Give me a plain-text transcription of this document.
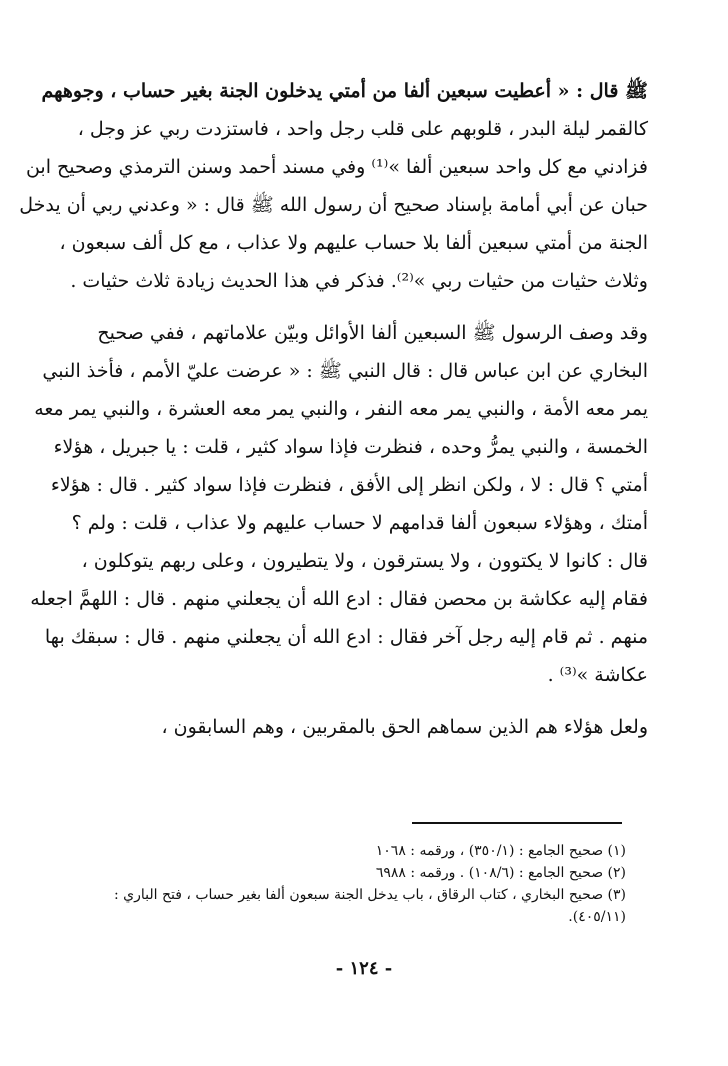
ﷺ قال : « أعطيت سبعين ألفا من أمتي يدخلون الجنة بغير حساب ، وجوههم
كالقمر ليلة البدر ، قلوبهم على قلب رجل واحد ، فاستزدت ربي عز وجل ،
فزادني مع كل واحد سبعين ألفا »⁽¹⁾ وفي مسند أحمد وسنن الترمذي وصحيح ابن
حبان عن أبي أمامة بإسناد صحيح أن رسول الله ﷺ قال : « وعدني ربي أن يدخل
الجنة من أمتي سبعين ألفا بلا حساب عليهم ولا عذاب ، مع كل ألف سبعون ،
وثلاث حثيات من حثيات ربي »⁽²⁾. فذكر في هذا الحديث زيادة ثلاث حثيات .
وقد وصف الرسول ﷺ السبعين ألفا الأوائل وبيّن علاماتهم ، ففي صحيح
البخاري عن ابن عباس قال : قال النبي ﷺ : « عرضت عليّ الأمم ، فأخذ النبي
يمر معه الأمة ، والنبي يمر معه النفر ، والنبي يمر معه العشرة ، والنبي يمر معه
الخمسة ، والنبي يمرُّ وحده ، فنظرت فإذا سواد كثير ، قلت : يا جبريل ، هؤلاء
أمتي ؟ قال : لا ، ولكن انظر إلى الأفق ، فنظرت فإذا سواد كثير . قال : هؤلاء
أمتك ، وهؤلاء سبعون ألفا قدامهم لا حساب عليهم ولا عذاب ، قلت : ولم ؟
قال : كانوا لا يكتوون ، ولا يسترقون ، ولا يتطيرون ، وعلى ربهم يتوكلون ،
فقام إليه عكاشة بن محصن فقال : ادع الله أن يجعلني منهم . قال : اللهمَّ اجعله
منهم . ثم قام إليه رجل آخر فقال : ادع الله أن يجعلني منهم . قال : سبقك بها
عكاشة »⁽³⁾ .
ولعل هؤلاء هم الذين سماهم الحق بالمقربين ، وهم السابقون ،
(١) صحيح الجامع : (٣٥٠/١) ، ورقمه : ١٠٦٨
(٢) صحيح الجامع : (١٠٨/٦) . ورقمه : ٦٩٨٨
(٣) صحيح البخاري ، كتاب الرقاق ، باب يدخل الجنة سبعون ألفا بغير حساب ، فتح الباري :
(٤٠٥/١١).
- ١٢٤ -
